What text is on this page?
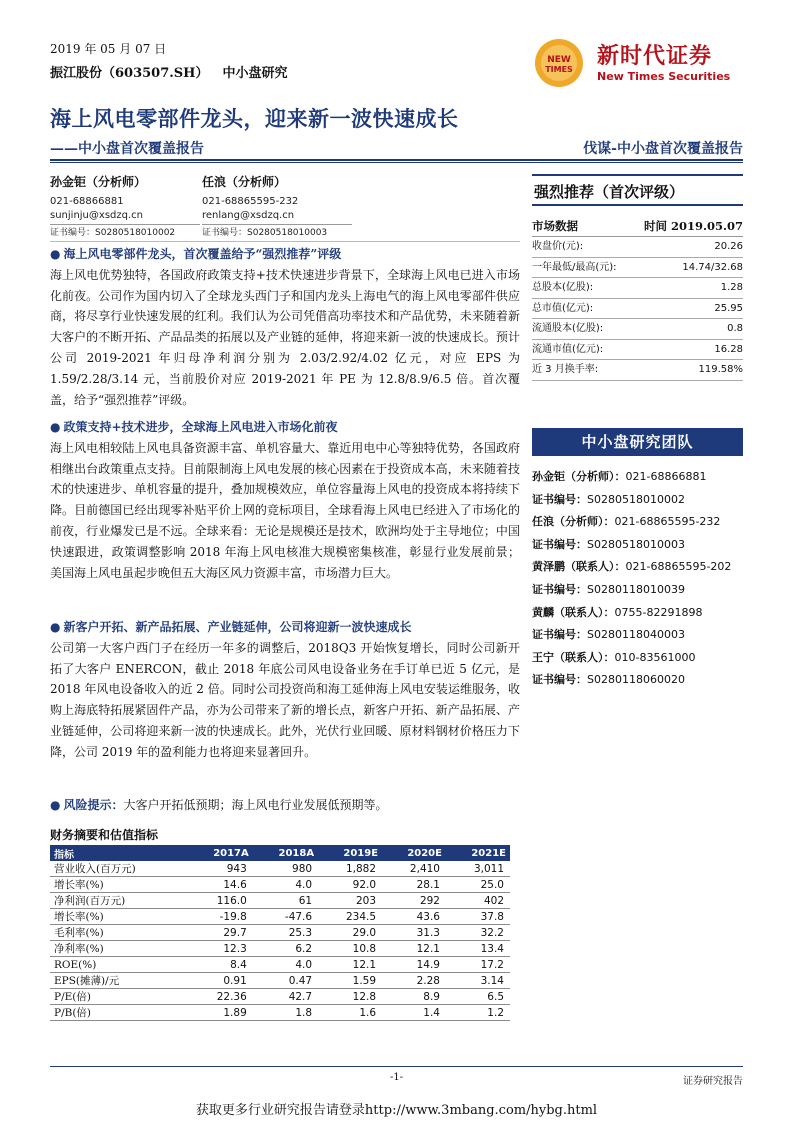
2019 年 05 月 07 日
振江股份（603507.SH） 中小盘研究
NEW
TIMES
新时代证券
New Times Securities
海上风电零部件龙头，迎来新一波快速成长
——中小盘首次覆盖报告	伐谋-中小盘首次覆盖报告
孙金钜（分析师）
021-68866881
sunjinju@xsdzq.cn
证书编号：S0280518010002
任浪（分析师）
021-68865595-232
renlang@xsdzq.cn
证书编号：S0280518010003
● 海上风电零部件龙头，首次覆盖给予“强烈推荐”评级
海上风电优势独特，各国政府政策支持+技术快速进步背景下，全球海上风电已进入市场化前夜。公司作为国内切入了全球龙头西门子和国内龙头上海电气的海上风电零部件供应商，将尽享行业快速发展的红利。我们认为公司凭借高功率技术和产品优势，未来随着新大客户的不断开拓、产品品类的拓展以及产业链的延伸，将迎来新一波的快速成长。预计公司 2019-2021 年归母净利润分别为 2.03/2.92/4.02 亿元，对应 EPS 为 1.59/2.28/3.14 元，当前股价对应 2019-2021 年 PE 为 12.8/8.9/6.5 倍。首次覆盖，给予“强烈推荐”评级。
● 政策支持+技术进步，全球海上风电进入市场化前夜
海上风电相较陆上风电具备资源丰富、单机容量大、靠近用电中心等独特优势，各国政府相继出台政策重点支持。目前限制海上风电发展的核心因素在于投资成本高，未来随着技术的快速进步、单机容量的提升，叠加规模效应，单位容量海上风电的投资成本将持续下降。目前德国已经出现零补贴平价上网的竞标项目，全球看海上风电已经进入了市场化的前夜，行业爆发已是不远。全球来看：无论是规模还是技术，欧洲均处于主导地位；中国快速跟进，政策调整影响 2018 年海上风电核准大规模密集核准，彰显行业发展前景；美国海上风电虽起步晚但五大海区风力资源丰富，市场潜力巨大。
● 新客户开拓、新产品拓展、产业链延伸，公司将迎新一波快速成长
公司第一大客户西门子在经历一年多的调整后，2018Q3 开始恢复增长，同时公司新开拓了大客户 ENERCON，截止 2018 年底公司风电设备业务在手订单已近 5 亿元，是 2018 年风电设备收入的近 2 倍。同时公司投资尚和海工延伸海上风电安装运维服务，收购上海底特拓展紧固件产品，亦为公司带来了新的增长点，新客户开拓、新产品拓展、产业链延伸，公司将迎来新一波的快速成长。此外，光伏行业回暖、原材料钢材价格压力下降，公司 2019 年的盈利能力也将迎来显著回升。
● 风险提示：大客户开拓低预期；海上风电行业发展低预期等。
强烈推荐（首次评级）
市场数据	时间 2019.05.07
收盘价(元):	20.26
一年最低/最高(元):	14.74/32.68
总股本(亿股):	1.28
总市值(亿元):	25.95
流通股本(亿股):	0.8
流通市值(亿元):	16.28
近 3 月换手率:	119.58%
中小盘研究团队
孙金钜（分析师）：021-68866881
证书编号：S0280518010002
任浪（分析师）：021-68865595-232
证书编号：S0280518010003
黄泽鹏（联系人）：021-68865595-202
证书编号：S0280118010039
黄麟（联系人）：0755-82291898
证书编号：S0280118040003
王宁（联系人）：010-83561000
证书编号：S0280118060020
财务摘要和估值指标
指标	2017A	2018A	2019E	2020E	2021E
营业收入(百万元)	943	980	1,882	2,410	3,011
增长率(%)	14.6	4.0	92.0	28.1	25.0
净利润(百万元)	116.0	61	203	292	402
增长率(%)	-19.8	-47.6	234.5	43.6	37.8
毛利率(%)	29.7	25.3	29.0	31.3	32.2
净利率(%)	12.3	6.2	10.8	12.1	13.4
ROE(%)	8.4	4.0	12.1	14.9	17.2
EPS(摊薄)/元	0.91	0.47	1.59	2.28	3.14
P/E(倍)	22.36	42.7	12.8	8.9	6.5
P/B(倍)	1.89	1.8	1.6	1.4	1.2
-1-	证券研究报告
获取更多行业研究报告请登录http://www.3mbang.com/hybg.html
